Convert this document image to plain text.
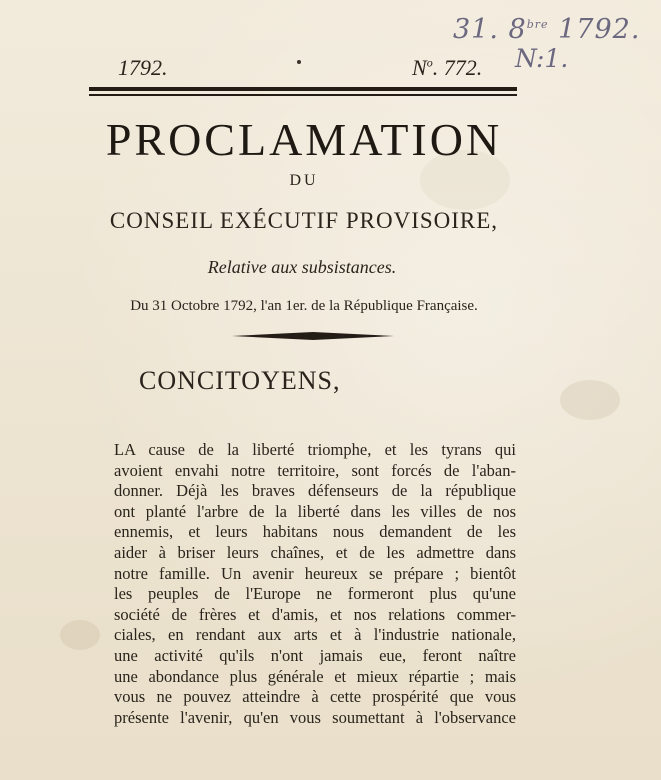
31. $8^{bre}$ 1792.
N:1.
1792.	$N^o$. 772.
PROCLAMATION
DU
CONSEIL EXÉCUTIF PROVISOIRE,
Relative aux subsistances.
Du 31 Octobre 1792, l'an 1er. de la République Française.
CONCITOYENS,
LA cause de la liberté triomphe, et les tyrans qui
avoient envahi notre territoire, sont forcés de l'aban-
donner. Déjà les braves défenseurs de la république
ont planté l'arbre de la liberté dans les villes de nos
ennemis, et leurs habitans nous demandent de les
aider à briser leurs chaînes, et de les admettre dans
notre famille. Un avenir heureux se prépare ; bientôt
les peuples de l'Europe ne formeront plus qu'une
société de frères et d'amis, et nos relations commer-
ciales, en rendant aux arts et à l'industrie nationale,
une activité qu'ils n'ont jamais eue, feront naître
une abondance plus générale et mieux répartie ; mais
vous ne pouvez atteindre à cette prospérité que vous
présente l'avenir, qu'en vous soumettant à l'observance
